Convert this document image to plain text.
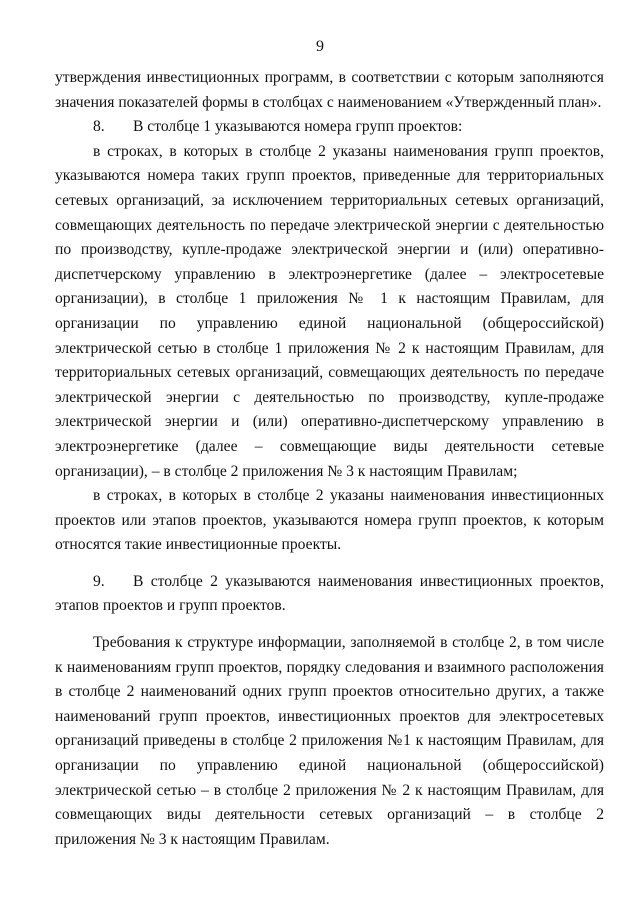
9

утверждения инвестиционных программ, в соответствии с которым заполняются значения показателей формы в столбцах с наименованием «Утвержденный план».

8. В столбце 1 указываются номера групп проектов:

в строках, в которых в столбце 2 указаны наименования групп проектов, указываются номера таких групп проектов, приведенные для территориальных сетевых организаций, за исключением территориальных сетевых организаций, совмещающих деятельность по передаче электрической энергии с деятельностью по производству, купле-продаже электрической энергии и (или) оперативно-диспетчерскому управлению в электроэнергетике (далее – электросетевые организации), в столбце 1 приложения № 1 к настоящим Правилам, для организации по управлению единой национальной (общероссийской) электрической сетью в столбце 1 приложения № 2 к настоящим Правилам, для территориальных сетевых организаций, совмещающих деятельность по передаче электрической энергии с деятельностью по производству, купле-продаже электрической энергии и (или) оперативно-диспетчерскому управлению в электроэнергетике (далее – совмещающие виды деятельности сетевые организации), – в столбце 2 приложения № 3 к настоящим Правилам;

в строках, в которых в столбце 2 указаны наименования инвестиционных проектов или этапов проектов, указываются номера групп проектов, к которым относятся такие инвестиционные проекты.

9. В столбце 2 указываются наименования инвестиционных проектов, этапов проектов и групп проектов.

Требования к структуре информации, заполняемой в столбце 2, в том числе к наименованиям групп проектов, порядку следования и взаимного расположения в столбце 2 наименований одних групп проектов относительно других, а также наименований групп проектов, инвестиционных проектов для электросетевых организаций приведены в столбце 2 приложения №1 к настоящим Правилам, для организации по управлению единой национальной (общероссийской) электрической сетью – в столбце 2 приложения № 2 к настоящим Правилам, для совмещающих виды деятельности сетевых организаций – в столбце 2 приложения № 3 к настоящим Правилам.
